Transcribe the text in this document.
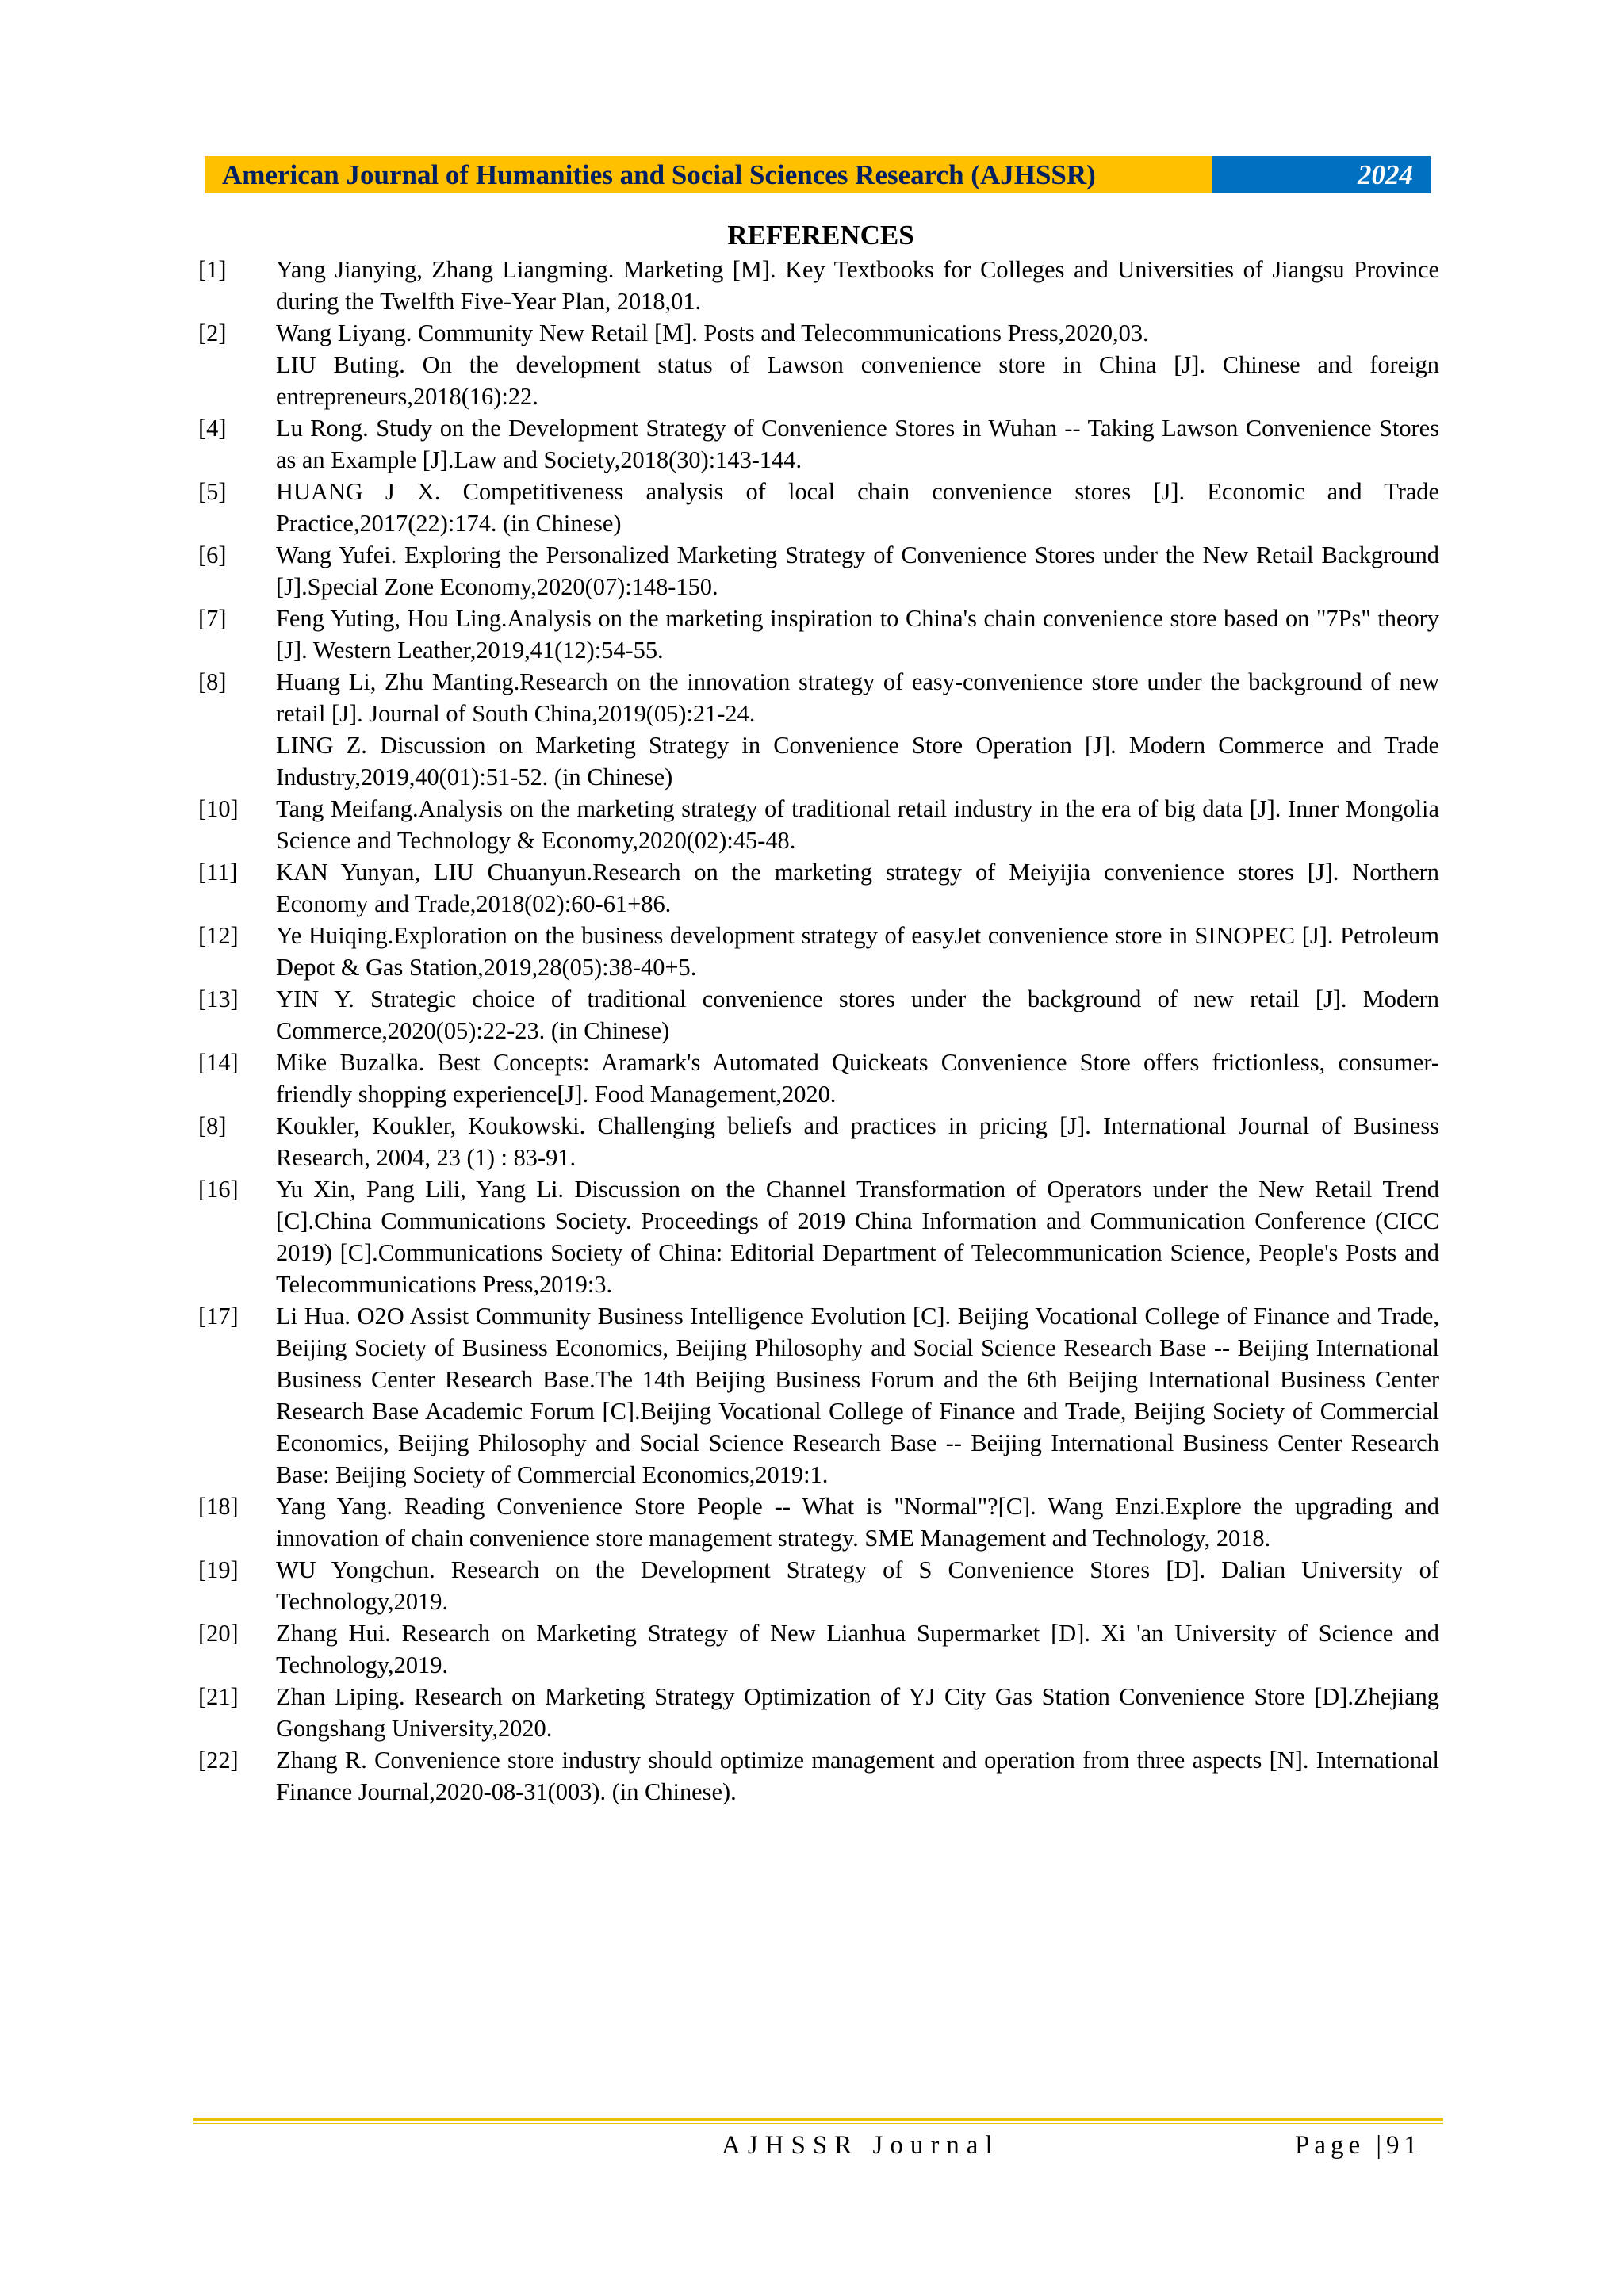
American Journal of Humanities and Social Sciences Research (AJHSSR)	2024
REFERENCES
[1]	Yang Jianying, Zhang Liangming. Marketing [M]. Key Textbooks for Colleges and Universities of Jiangsu Province during the Twelfth Five-Year Plan, 2018,01.
[2]	Wang Liyang. Community New Retail [M]. Posts and Telecommunications Press,2020,03.
LIU Buting. On the development status of Lawson convenience store in China [J]. Chinese and foreign entrepreneurs,2018(16):22.
[4]	Lu Rong. Study on the Development Strategy of Convenience Stores in Wuhan -- Taking Lawson Convenience Stores as an Example [J].Law and Society,2018(30):143-144.
[5]	HUANG J X. Competitiveness analysis of local chain convenience stores [J]. Economic and Trade Practice,2017(22):174. (in Chinese)
[6]	Wang Yufei. Exploring the Personalized Marketing Strategy of Convenience Stores under the New Retail Background [J].Special Zone Economy,2020(07):148-150.
[7]	Feng Yuting, Hou Ling.Analysis on the marketing inspiration to China's chain convenience store based on "7Ps" theory [J]. Western Leather,2019,41(12):54-55.
[8]	Huang Li, Zhu Manting.Research on the innovation strategy of easy-convenience store under the background of new retail [J]. Journal of South China,2019(05):21-24.
LING Z. Discussion on Marketing Strategy in Convenience Store Operation [J]. Modern Commerce and Trade Industry,2019,40(01):51-52. (in Chinese)
[10]	Tang Meifang.Analysis on the marketing strategy of traditional retail industry in the era of big data [J]. Inner Mongolia Science and Technology & Economy,2020(02):45-48.
[11]	KAN Yunyan, LIU Chuanyun.Research on the marketing strategy of Meiyijia convenience stores [J]. Northern Economy and Trade,2018(02):60-61+86.
[12]	Ye Huiqing.Exploration on the business development strategy of easyJet convenience store in SINOPEC [J]. Petroleum Depot & Gas Station,2019,28(05):38-40+5.
[13]	YIN Y. Strategic choice of traditional convenience stores under the background of new retail [J]. Modern Commerce,2020(05):22-23. (in Chinese)
[14]	Mike Buzalka. Best Concepts: Aramark's Automated Quickeats Convenience Store offers frictionless, consumer-friendly shopping experience[J]. Food Management,2020.
[8]	Koukler, Koukler, Koukowski. Challenging beliefs and practices in pricing [J]. International Journal of Business Research, 2004, 23 (1) : 83-91.
[16]	Yu Xin, Pang Lili, Yang Li. Discussion on the Channel Transformation of Operators under the New Retail Trend [C].China Communications Society. Proceedings of 2019 China Information and Communication Conference (CICC 2019) [C].Communications Society of China: Editorial Department of Telecommunication Science, People's Posts and Telecommunications Press,2019:3.
[17]	Li Hua. O2O Assist Community Business Intelligence Evolution [C]. Beijing Vocational College of Finance and Trade, Beijing Society of Business Economics, Beijing Philosophy and Social Science Research Base -- Beijing International Business Center Research Base.The 14th Beijing Business Forum and the 6th Beijing International Business Center Research Base Academic Forum [C].Beijing Vocational College of Finance and Trade, Beijing Society of Commercial Economics, Beijing Philosophy and Social Science Research Base -- Beijing International Business Center Research Base: Beijing Society of Commercial Economics,2019:1.
[18]	Yang Yang. Reading Convenience Store People -- What is "Normal"?[C]. Wang Enzi.Explore the upgrading and innovation of chain convenience store management strategy. SME Management and Technology, 2018.
[19]	WU Yongchun. Research on the Development Strategy of S Convenience Stores [D]. Dalian University of Technology,2019.
[20]	Zhang Hui. Research on Marketing Strategy of New Lianhua Supermarket [D]. Xi 'an University of Science and Technology,2019.
[21]	Zhan Liping. Research on Marketing Strategy Optimization of YJ City Gas Station Convenience Store [D].Zhejiang Gongshang University,2020.
[22]	Zhang R. Convenience store industry should optimize management and operation from three aspects [N]. International Finance Journal,2020-08-31(003). (in Chinese).
AJHSSR Journal	Page |91
